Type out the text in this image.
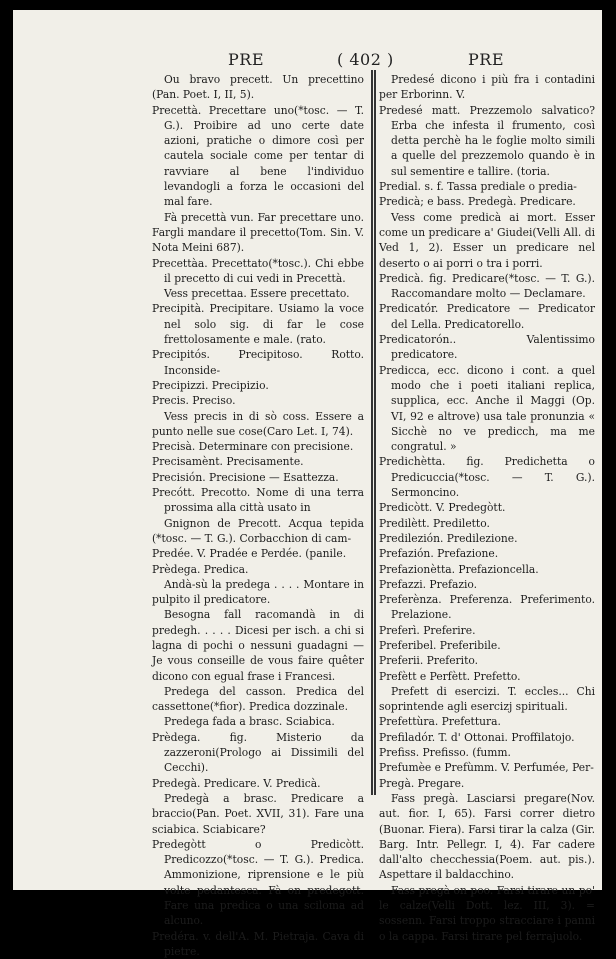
PRE	( 402 )	PRE

Ou bravo precett. Un precettino (Pan. Poet. I, II, 5).

Precettà. Precettare uno(*tosc. — T. G.). Proibire ad uno certe date azioni, pratiche o dimore così per cautela sociale come per tentar di ravviare al bene l'individuo levandogli a forza le occasioni del mal fare.

Fà precettà vun. Far precettare uno. Fargli mandare il precetto(Tom. Sin. V. Nota Meini 687).

Precettàa. Precettato(*tosc.). Chi ebbe il precetto di cui vedi in Precettà.

Vess precettaa. Essere precettato.

Precipità. Precipitare. Usiamo la voce nel solo sig. di far le cose frettolosamente e male. (rato.

Precipitós. Precipitoso. Rotto. Inconside-

Precipizzi. Precipizio.

Precis. Preciso.

Vess precis in di sò coss. Essere a punto nelle sue cose(Caro Let. I, 74).

Precisà. Determinare con precisione.

Precisamènt. Precisamente.

Precisión. Precisione — Esattezza.

Precótt. Precotto. Nome di una terra prossima alla città usato in

Gnignon de Precott. Acqua tepida (*tosc. — T. G.). Corbacchion di cam-

Predée. V. Pradée e Perdée. (panile.

Prèdega. Predica.

Andà-sù la predega . . . . Montare in pulpito il predicatore.

Besogna fall racomandà in di predegh. . . . . Dicesi per isch. a chi si lagna di pochi o nessuni guadagni — Je vous conseille de vous faire quêter dicono con egual frase i Francesi.

Predega del casson. Predica del cassettone(*fior). Predica dozzinale.

Predega fada a brasc. Sciabica.

Prèdega. fig. Misterio da zazzeroni(Prologo ai Dissimili del Cecchi).

Predegà. Predicare. V. Predicà.

Predegà a brasc. Predicare a braccio(Pan. Poet. XVII, 31). Fare una sciabica. Sciabicare?

Predegòtt o Predicòtt. Predicozzo(*tosc. — T. G.). Predica. Ammonizione, riprensione e le più volte pedantesca. Fà on predegott. Fare una predica o una sciloma ad alcuno.

Predéra. v. dell'A. M. Pietraja. Cava di pietre.

Predesé dicono i più fra i contadini per Erborinn. V.

Predesé matt. Prezzemolo salvatico? Erba che infesta il frumento, così detta perchè ha le foglie molto simili a quelle del prezzemolo quando è in sul sementire e tallire. (toria.

Predial. s. f. Tassa prediale o predia-

Predicà; e bass. Predegà. Predicare.

Vess come predicà ai mort. Esser come un predicare a' Giudei(Velli All. di Ved 1, 2). Esser un predicare nel deserto o ai porri o tra i porri.

Predicà. fig. Predicare(*tosc. — T. G.). Raccomandare molto — Declamare.

Predicatór. Predicatore — Predicator del Lella. Predicatorello.

Predicatorón.. Valentissimo predicatore.

Predicca, ecc. dicono i cont. a quel modo che i poeti italiani replica, supplica, ecc. Anche il Maggi (Op. VI, 92 e altrove) usa tale pronunzia « Sicchè no ve predicch, ma me congratul. »

Predichètta. fig. Predichetta o Predicuccia(*tosc. — T. G.). Sermoncino.

Predicòtt. V. Predegòtt.

Predilètt. Prediletto.

Predilezión. Predilezione.

Prefazión. Prefazione.

Prefazionètta. Prefazioncella.

Prefazzi. Prefazio.

Preferènza. Preferenza. Preferimento. Prelazione.

Preferì. Preferire.

Preferibel. Preferibile.

Preferii. Preferito.

Prefètt e Perfètt. Prefetto.

Prefett di esercizi. T. eccles... Chi soprintende agli esercizj spirituali.

Prefettùra. Prefettura.

Prefiladór. T. d' Ottonai. Proffilatojo.

Prefiss. Prefisso. (fumm.

Prefumèe e Prefùmm. V. Perfumée, Per-

Pregà. Pregare.

Fass pregà. Lasciarsi pregare(Nov. aut. fior. I, 65). Farsi correr dietro (Buonar. Fiera). Farsi tirar la calza (Gir. Barg. Intr. Pellegr. I, 4). Far cadere dall'alto checchessia(Poem. aut. pis.). Aspettare il baldacchino.

Fass pregà on poo. Farsi tirare un po' le calze(Velli Dott. lez. III, 3). = sossenn. Farsi troppo stracciare i panni o la cappa. Farsi tirare pel ferrajuolo.
